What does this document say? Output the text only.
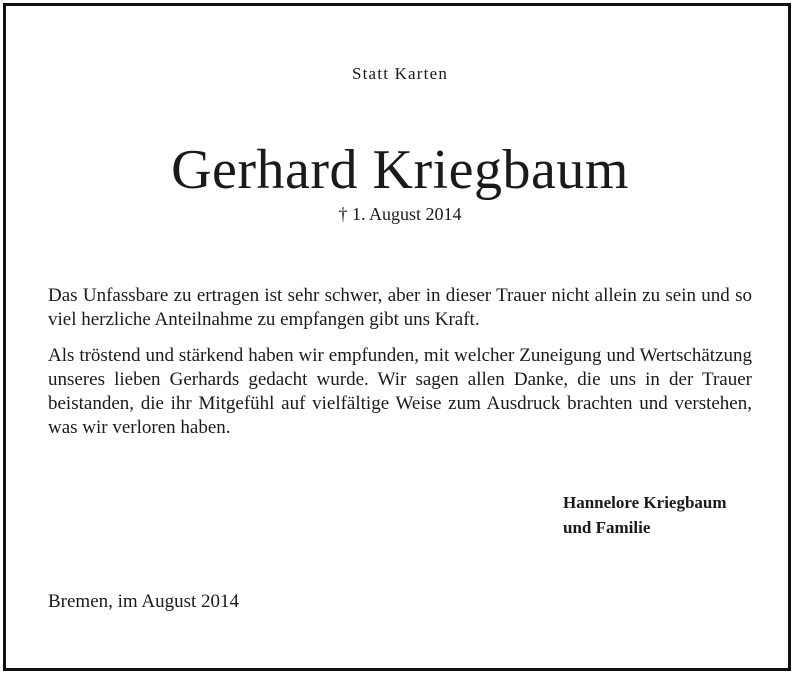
Statt Karten
Gerhard Kriegbaum
† 1. August 2014

Das Unfassbare zu ertragen ist sehr schwer, aber in dieser Trauer nicht allein zu sein und so viel herzliche Anteilnahme zu empfangen gibt uns Kraft.

Als tröstend und stärkend haben wir empfunden, mit welcher Zuneigung und Wertschätzung unseres lieben Gerhards gedacht wurde. Wir sagen allen Danke, die uns in der Trauer beistanden, die ihr Mitgefühl auf vielfältige Weise zum Ausdruck brachten und verstehen, was wir verloren haben.

Hannelore Kriegbaum
und Familie
Bremen, im August 2014
